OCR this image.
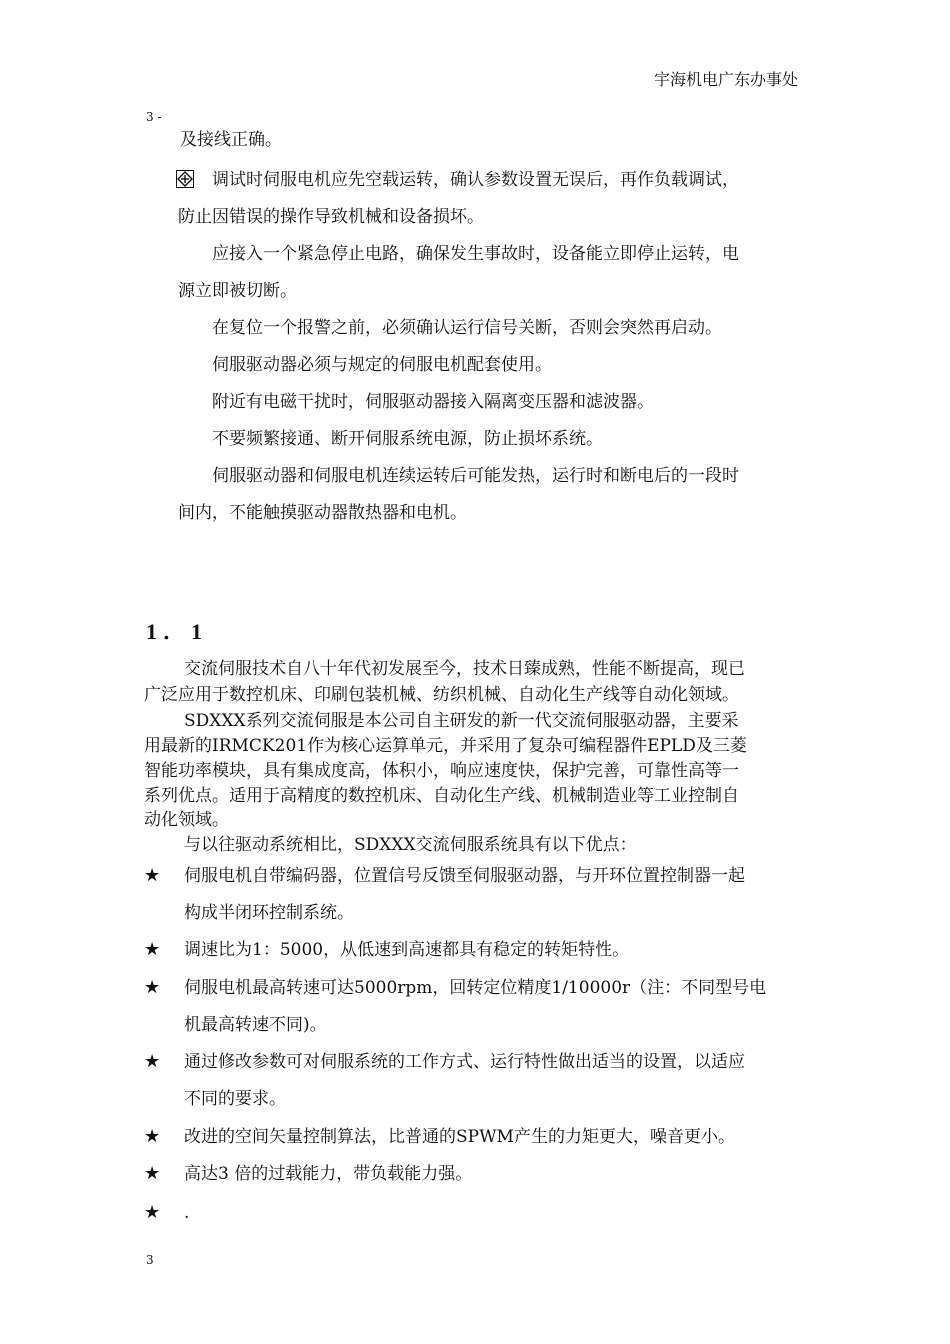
宇海机电广东办事处
3 -
及接线正确。
调试时伺服电机应先空载运转，确认参数设置无误后，再作负载调试，
防止因错误的操作导致机械和设备损坏。
应接入一个紧急停止电路，确保发生事故时，设备能立即停止运转，电
源立即被切断。
在复位一个报警之前，必须确认运行信号关断，否则会突然再启动。
伺服驱动器必须与规定的伺服电机配套使用。
附近有电磁干扰时，伺服驱动器接入隔离变压器和滤波器。
不要频繁接通、断开伺服系统电源，防止损坏系统。
伺服驱动器和伺服电机连续运转后可能发热，运行时和断电后的一段时
间内，不能触摸驱动器散热器和电机。
1．1
交流伺服技术自八十年代初发展至今，技术日臻成熟，性能不断提高，现已
广泛应用于数控机床、印刷包装机械、纺织机械、自动化生产线等自动化领域。
SDXXX系列交流伺服是本公司自主研发的新一代交流伺服驱动器，主要采
用最新的IRMCK201作为核心运算单元，并采用了复杂可编程器件EPLD及三菱
智能功率模块，具有集成度高，体积小，响应速度快，保护完善，可靠性高等一
系列优点。适用于高精度的数控机床、自动化生产线、机械制造业等工业控制自
动化领域。
与以往驱动系统相比，SDXXX交流伺服系统具有以下优点：
★ 伺服电机自带编码器，位置信号反馈至伺服驱动器，与开环位置控制器一起
构成半闭环控制系统。
★ 调速比为1：5000，从低速到高速都具有稳定的转矩特性。
★ 伺服电机最高转速可达5000rpm，回转定位精度1/10000r（注：不同型号电
机最高转速不同)。
★ 通过修改参数可对伺服系统的工作方式、运行特性做出适当的设置，以适应
不同的要求。
★ 改进的空间矢量控制算法，比普通的SPWM产生的力矩更大，噪音更小。
★ 高达3 倍的过载能力，带负载能力强。
★ .
3
